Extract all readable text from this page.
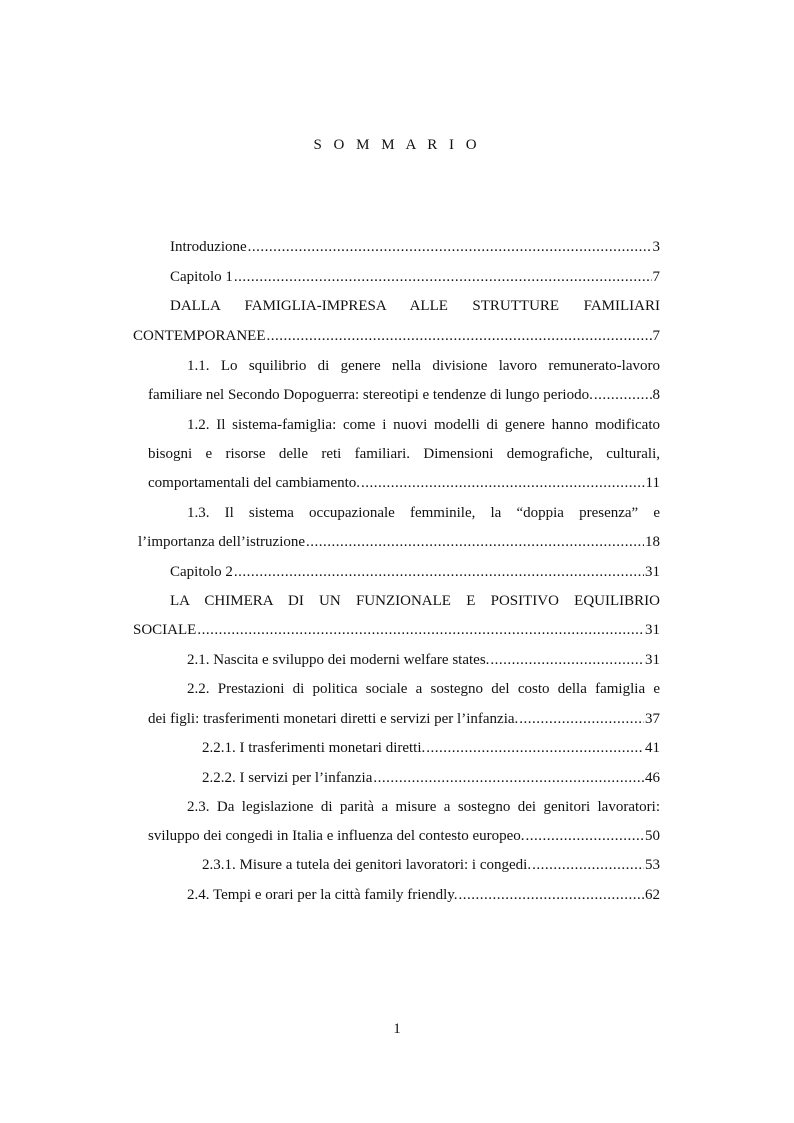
S O M M A R I O
Introduzione .....	3
Capitolo 1 .....	7
DALLA FAMIGLIA-IMPRESA ALLE STRUTTURE FAMILIARI
CONTEMPORANEE .....	7
1.1. Lo squilibrio di genere nella divisione lavoro remunerato-lavoro
familiare nel Secondo Dopoguerra: stereotipi e tendenze di lungo periodo. .....	8
1.2. Il sistema-famiglia: come i nuovi modelli di genere hanno modificato
bisogni e risorse delle reti familiari. Dimensioni demografiche, culturali,
comportamentali del cambiamento. .....	11
1.3. Il sistema occupazionale femminile, la “doppia presenza” e
l’importanza dell’istruzione .....	18
Capitolo 2 .....	31
LA CHIMERA DI UN FUNZIONALE E POSITIVO EQUILIBRIO
SOCIALE .....	31
2.1. Nascita e sviluppo dei moderni welfare states. .....	31
2.2. Prestazioni di politica sociale a sostegno del costo della famiglia e
dei figli: trasferimenti monetari diretti e servizi per l’infanzia. .....	37
2.2.1. I trasferimenti monetari diretti. .....	41
2.2.2. I servizi per l’infanzia .....	46
2.3. Da legislazione di parità a misure a sostegno dei genitori lavoratori:
sviluppo dei congedi in Italia e influenza del contesto europeo. .....	50
2.3.1. Misure a tutela dei genitori lavoratori: i congedi. .....	53
2.4. Tempi e orari per la città family friendly. .....	62
1
